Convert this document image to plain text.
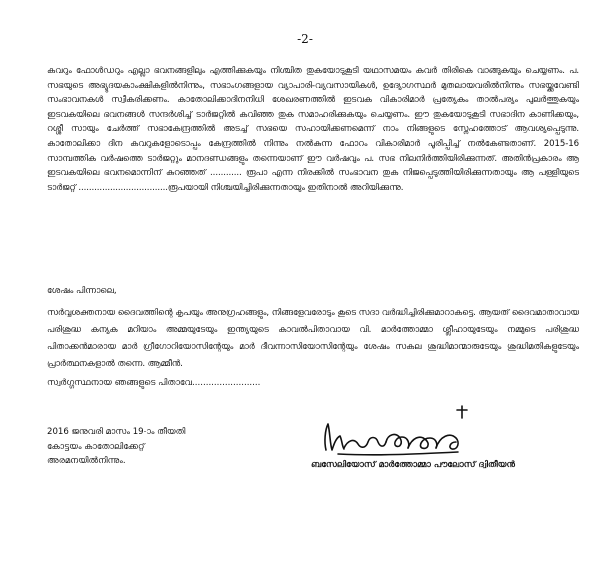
-2-

കവറും ഫോൾഡറും എല്ലാ ഭവനങ്ങളിലും എത്തിക്കുകയും നിശ്ചിത തുകയോടുകൂടി യഥാസമയം കവർ തിരികെ വാങ്ങുകയും ചെയ്യണം. പ. സഭയുടെ അഭ്യുദയകാംക്ഷികളിൽനിന്നും, സഭാംഗങ്ങളായ വ്യാപാരി-വ്യവസായികൾ, ഉദ്യോഗസ്ഥർ മുതലായവരിൽനിന്നും സഭയ്ക്കുവേണ്ടി സംഭാവനകൾ സ്വീകരിക്കണം. കാതോലിക്കാദിനനിധി ശേഖരണത്തിൽ ഇടവക വികാരിമാർ പ്രത്യേകം താൽപര്യം പുലർത്തുകയും ഇടവകയിലെ ഭവനങ്ങൾ സന്ദർശിച്ച് ടാർജറ്റിൽ കവിഞ്ഞ തുക സമാഹരിക്കുകയും ചെയ്യണം. ഈ തുകയോടുകൂടി സഭാദിന കാണിക്കയും, റശ്ശീ സായും ചേർത്ത് സഭാകേന്ദ്രത്തിൽ അടച്ച് സഭയെ സഹായിക്കണമെന്ന് നാം നിങ്ങളുടെ സ്നേഹത്തോട് ആവശ്യപ്പെടുന്നു. കാതോലിക്കാ ദിന കവറുകളോടൊപ്പം കേന്ദ്രത്തിൽ നിന്നും നൽകുന്ന ഫോറം വികാരിമാർ പൂരിപ്പിച്ച് നൽകേണ്ടതാണ്. 2015-16 സാമ്പത്തിക വർഷത്തെ ടാർജറ്റും മാനദണ്ഡങ്ങളും തന്നെയാണ് ഈ വർഷവും പ. സഭ നിലനിർത്തിയിരിക്കുന്നത്. അതിൻപ്രകാരം ആ ഇടവകയിലെ ഭവനമൊന്നിന് കുറഞ്ഞത് ............ രൂപാ എന്ന നിരക്കിൽ സംഭാവന തുക നിജപ്പെടുത്തിയിരിക്കുന്നതായും ആ പള്ളിയുടെ ടാർജറ്റ് ..................................രൂപയായി നിശ്ചയിച്ചിരിക്കുന്നതായും ഇതിനാൽ അറിയിക്കുന്നു.

ശേഷം പിന്നാലെ,

സർവ്വശക്തനായ ദൈവത്തിന്റെ കൃപയും അനുഗ്രഹങ്ങളും, നിങ്ങളേവരോടും കൂടെ സദാ വർദ്ധിച്ചിരിക്കുമാറാകട്ടെ. ആയത് ദൈവമാതാവായ പരിശുദ്ധ കന്യക മറിയാം അമ്മയുടേയും ഇന്ത്യയുടെ കാവൽപിതാവായ വി. മാർത്തോമ്മാ ശ്ലീഹായുടേയും നമ്മുടെ പരിശുദ്ധ പിതാക്കൻമാരായ മാർ ഗ്രീഗോറിയോസിന്റേയും മാർ ദീവന്നാസിയോസിന്റേയും ശേഷം സകല ശുദ്ധിമാന്മാരുടേയും ശുദ്ധിമതികളുടേയും പ്രാർത്ഥനകളാൽ തന്നെ. ആമ്മീൻ.

സ്വർഗ്ഗസ്ഥനായ ഞങ്ങളുടെ പിതാവേ.........................
2016 ജനുവരി മാസം 19-ാം തീയതി
കോട്ടയം കാതോലിക്കേറ്റ്
അരമനയിൽനിന്നും.	ബസേലിയോസ് മാർത്തോമ്മാ പൗലോസ് ദ്വിതീയൻ
